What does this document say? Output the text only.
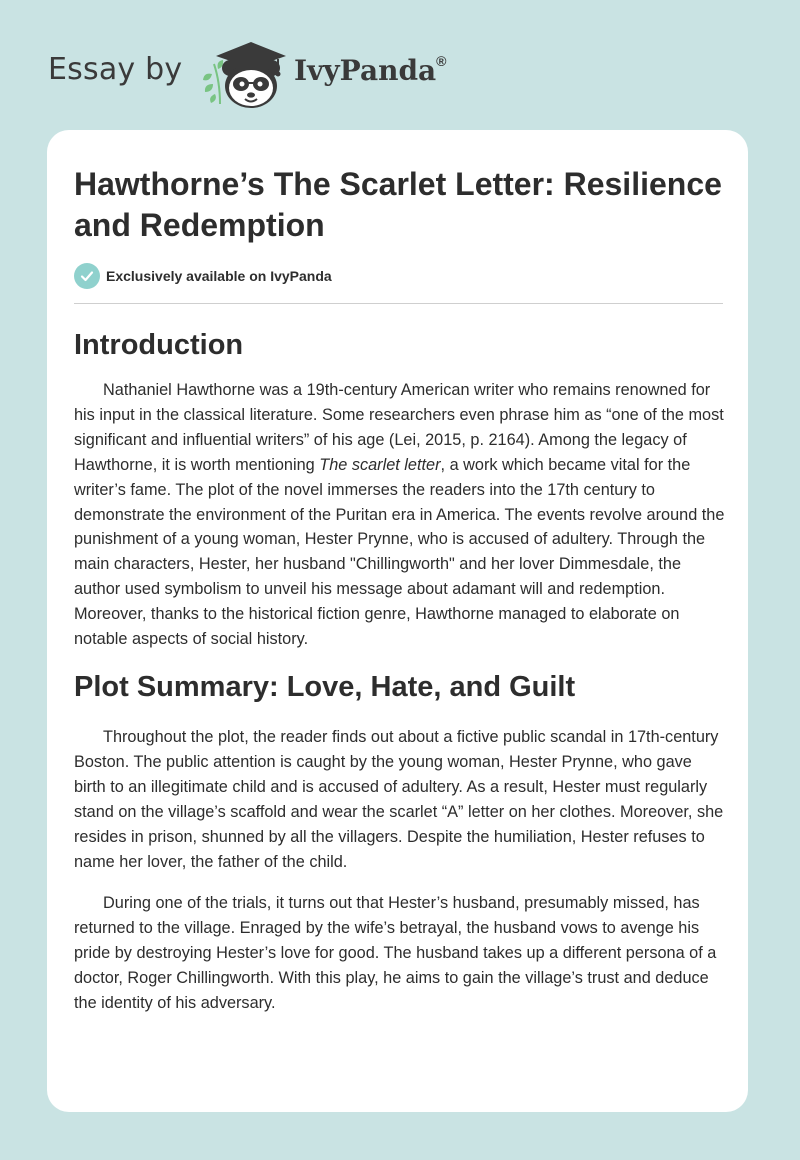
Essay by	IvyPanda®
Hawthorne’s The Scarlet Letter: Resilience and Redemption
Exclusively available on IvyPanda
Introduction

Nathaniel Hawthorne was a 19th-century American writer who remains renowned for his input in the classical literature. Some researchers even phrase him as “one of the most significant and influential writers” of his age (Lei, 2015, p. 2164). Among the legacy of Hawthorne, it is worth mentioning The scarlet letter, a work which became vital for the writer’s fame. The plot of the novel immerses the readers into the 17th century to demonstrate the environment of the Puritan era in America. The events revolve around the punishment of a young woman, Hester Prynne, who is accused of adultery. Through the main characters, Hester, her husband "Chillingworth" and her lover Dimmesdale, the author used symbolism to unveil his message about adamant will and redemption. Moreover, thanks to the historical fiction genre, Hawthorne managed to elaborate on notable aspects of social history.

Plot Summary: Love, Hate, and Guilt

Throughout the plot, the reader finds out about a fictive public scandal in 17th-century Boston. The public attention is caught by the young woman, Hester Prynne, who gave birth to an illegitimate child and is accused of adultery. As a result, Hester must regularly stand on the village’s scaffold and wear the scarlet “A” letter on her clothes. Moreover, she resides in prison, shunned by all the villagers. Despite the humiliation, Hester refuses to name her lover, the father of the child.

During one of the trials, it turns out that Hester’s husband, presumably missed, has returned to the village. Enraged by the wife’s betrayal, the husband vows to avenge his pride by destroying Hester’s love for good. The husband takes up a different persona of a doctor, Roger Chillingworth. With this play, he aims to gain the village’s trust and deduce the identity of his adversary.
